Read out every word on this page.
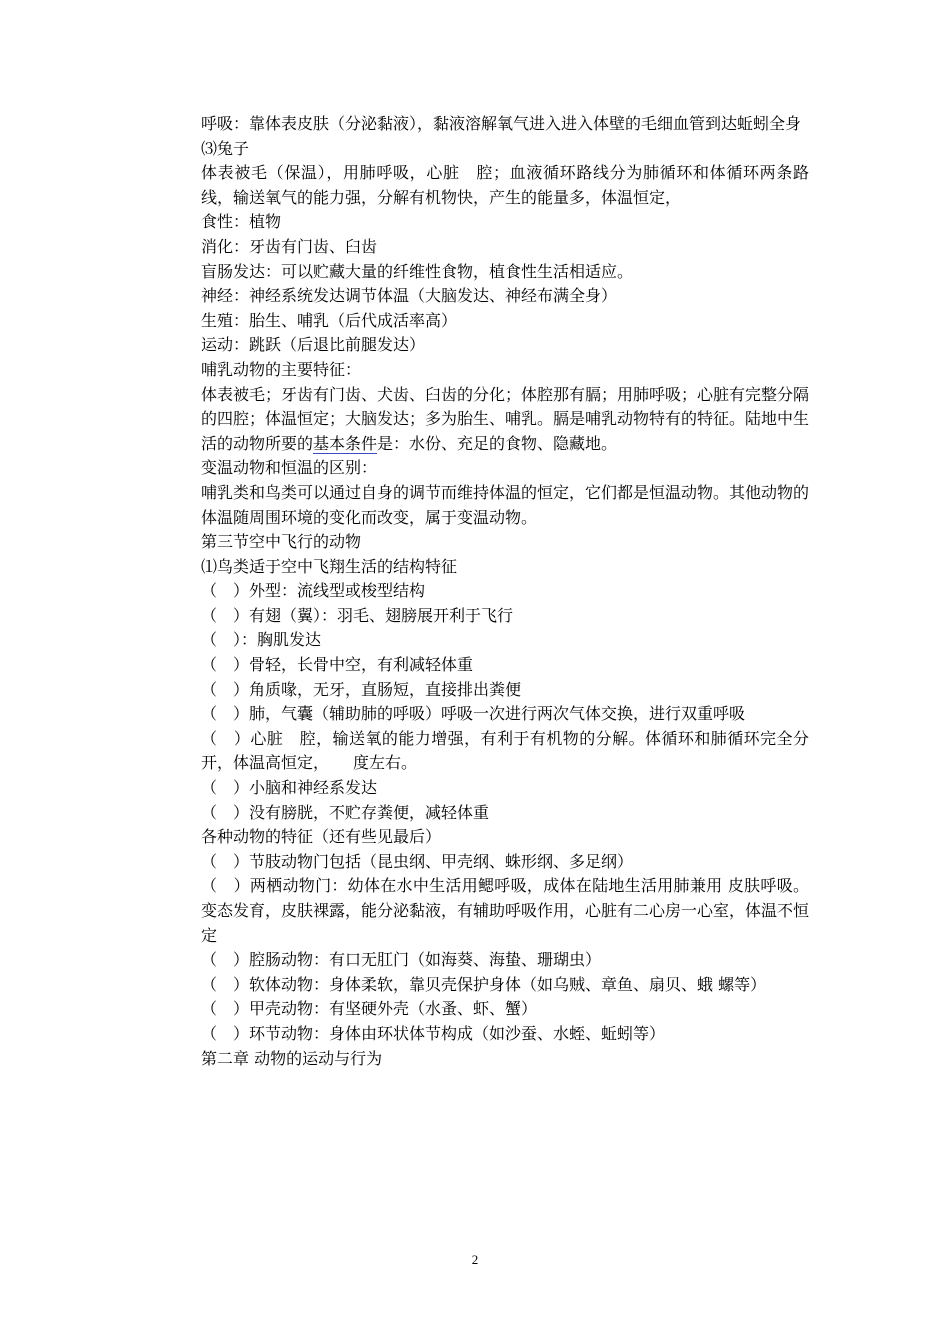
呼吸：靠体表皮肤（分泌黏液），黏液溶解氧气进入进入体壁的毛细血管到达蚯蚓全身
⑶兔子
体表被毛（保温），用肺呼吸，心脏　腔；血液循环路线分为肺循环和体循环两条路线，输送氧气的能力强，分解有机物快，产生的能量多，体温恒定，
食性：植物
消化：牙齿有门齿、臼齿
盲肠发达：可以贮藏大量的纤维性食物，植食性生活相适应。
神经：神经系统发达调节体温（大脑发达、神经布满全身）
生殖：胎生、哺乳（后代成活率高）
运动：跳跃（后退比前腿发达）
哺乳动物的主要特征：
体表被毛；牙齿有门齿、犬齿、臼齿的分化；体腔那有膈；用肺呼吸；心脏有完整分隔的四腔；体温恒定；大脑发达；多为胎生、哺乳。膈是哺乳动物特有的特征。陆地中生活的动物所要的基本条件是：水份、充足的食物、隐藏地。
变温动物和恒温的区别：
哺乳类和鸟类可以通过自身的调节而维持体温的恒定，它们都是恒温动物。其他动物的体温随周围环境的变化而改变，属于变温动物。
第三节空中飞行的动物
⑴鸟类适于空中飞翔生活的结构特征
（　）外型：流线型或梭型结构
（　）有翅（翼）：羽毛、翅膀展开利于飞行
（　）：胸肌发达
（　）骨轻，长骨中空，有利减轻体重
（　）角质喙，无牙，直肠短，直接排出粪便
（　）肺，气囊（辅助肺的呼吸）呼吸一次进行两次气体交换，进行双重呼吸
（　）心脏　腔，输送氧的能力增强，有利于有机物的分解。体循环和肺循环完全分开，体温高恒定，　　度左右。
（　）小脑和神经系发达
（　）没有膀胱，不贮存粪便，减轻体重
各种动物的特征（还有些见最后）
（　）节肢动物门包括（昆虫纲、甲壳纲、蛛形纲、多足纲）
（　）两栖动物门：幼体在水中生活用鳃呼吸，成体在陆地生活用肺兼用 皮肤呼吸。变态发育，皮肤裸露，能分泌黏液，有辅助呼吸作用，心脏有二心房一心室，体温不恒定
（　）腔肠动物：有口无肛门（如海葵、海蛰、珊瑚虫）
（　）软体动物：身体柔软，靠贝壳保护身体（如乌贼、章鱼、扇贝、蛾 螺等）
（　）甲壳动物：有坚硬外壳（水蚤、虾、蟹）
（　）环节动物：身体由环状体节构成（如沙蚕、水蛭、蚯蚓等）
第二章 动物的运动与行为
2
